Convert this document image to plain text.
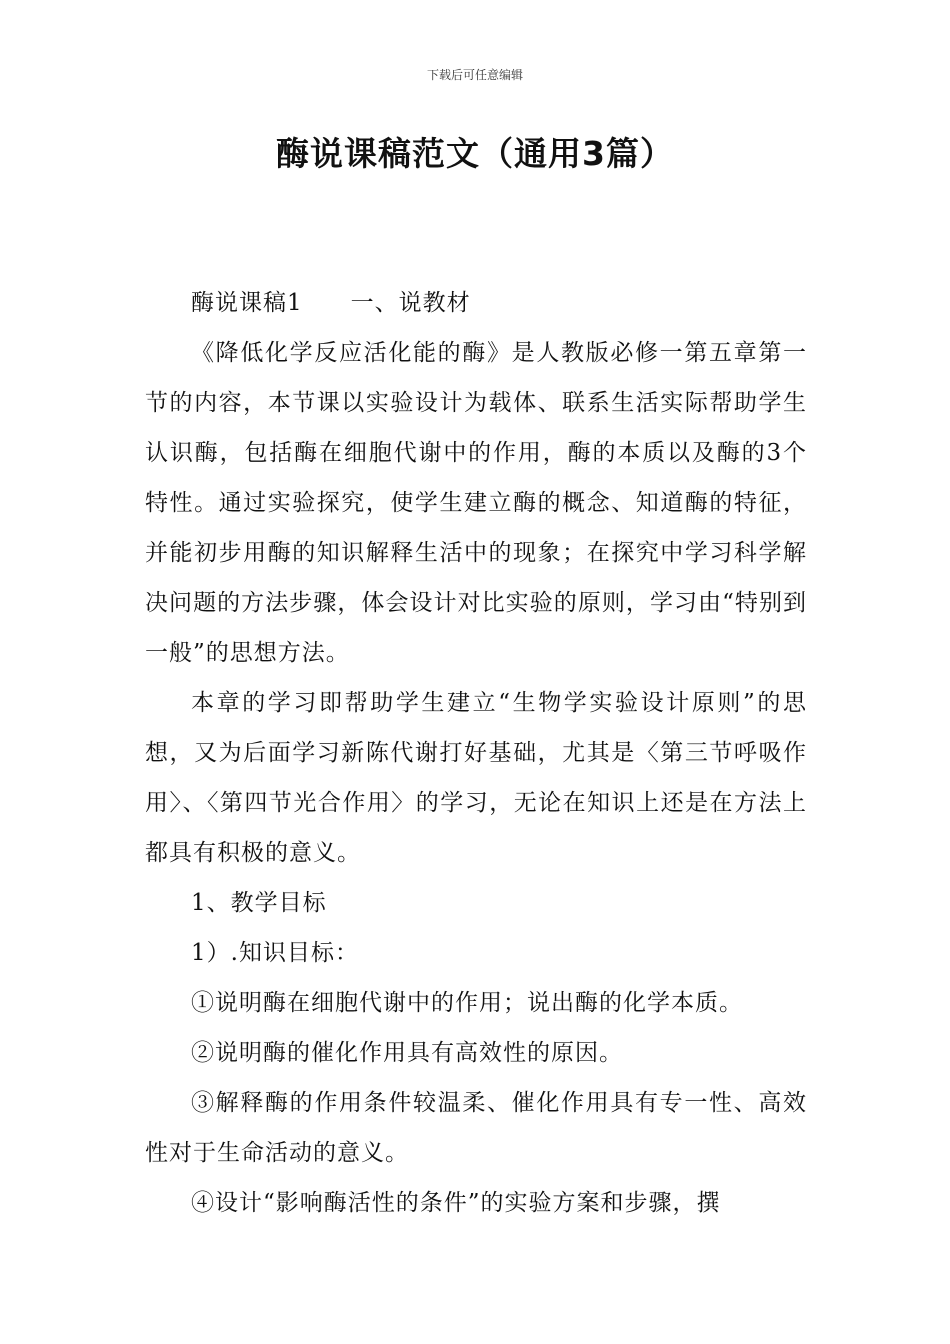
下载后可任意编辑
酶说课稿范文（通用3篇）

酶说课稿1 一、说教材

《降低化学反应活化能的酶》是人教版必修一第五章第一节的内容，本节课以实验设计为载体、联系生活实际帮助学生认识酶，包括酶在细胞代谢中的作用，酶的本质以及酶的3个特性。通过实验探究，使学生建立酶的概念、知道酶的特征，并能初步用酶的知识解释生活中的现象；在探究中学习科学解决问题的方法步骤，体会设计对比实验的原则，学习由“特别到一般”的思想方法。

本章的学习即帮助学生建立“生物学实验设计原则”的思想，又为后面学习新陈代谢打好基础，尤其是〈第三节呼吸作用〉、〈第四节光合作用〉的学习，无论在知识上还是在方法上都具有积极的意义。

1、教学目标

1）.知识目标：

①说明酶在细胞代谢中的作用；说出酶的化学本质。

②说明酶的催化作用具有高效性的原因。

③解释酶的作用条件较温柔、催化作用具有专一性、高效性对于生命活动的意义。

④设计“影响酶活性的条件”的实验方案和步骤，撰
